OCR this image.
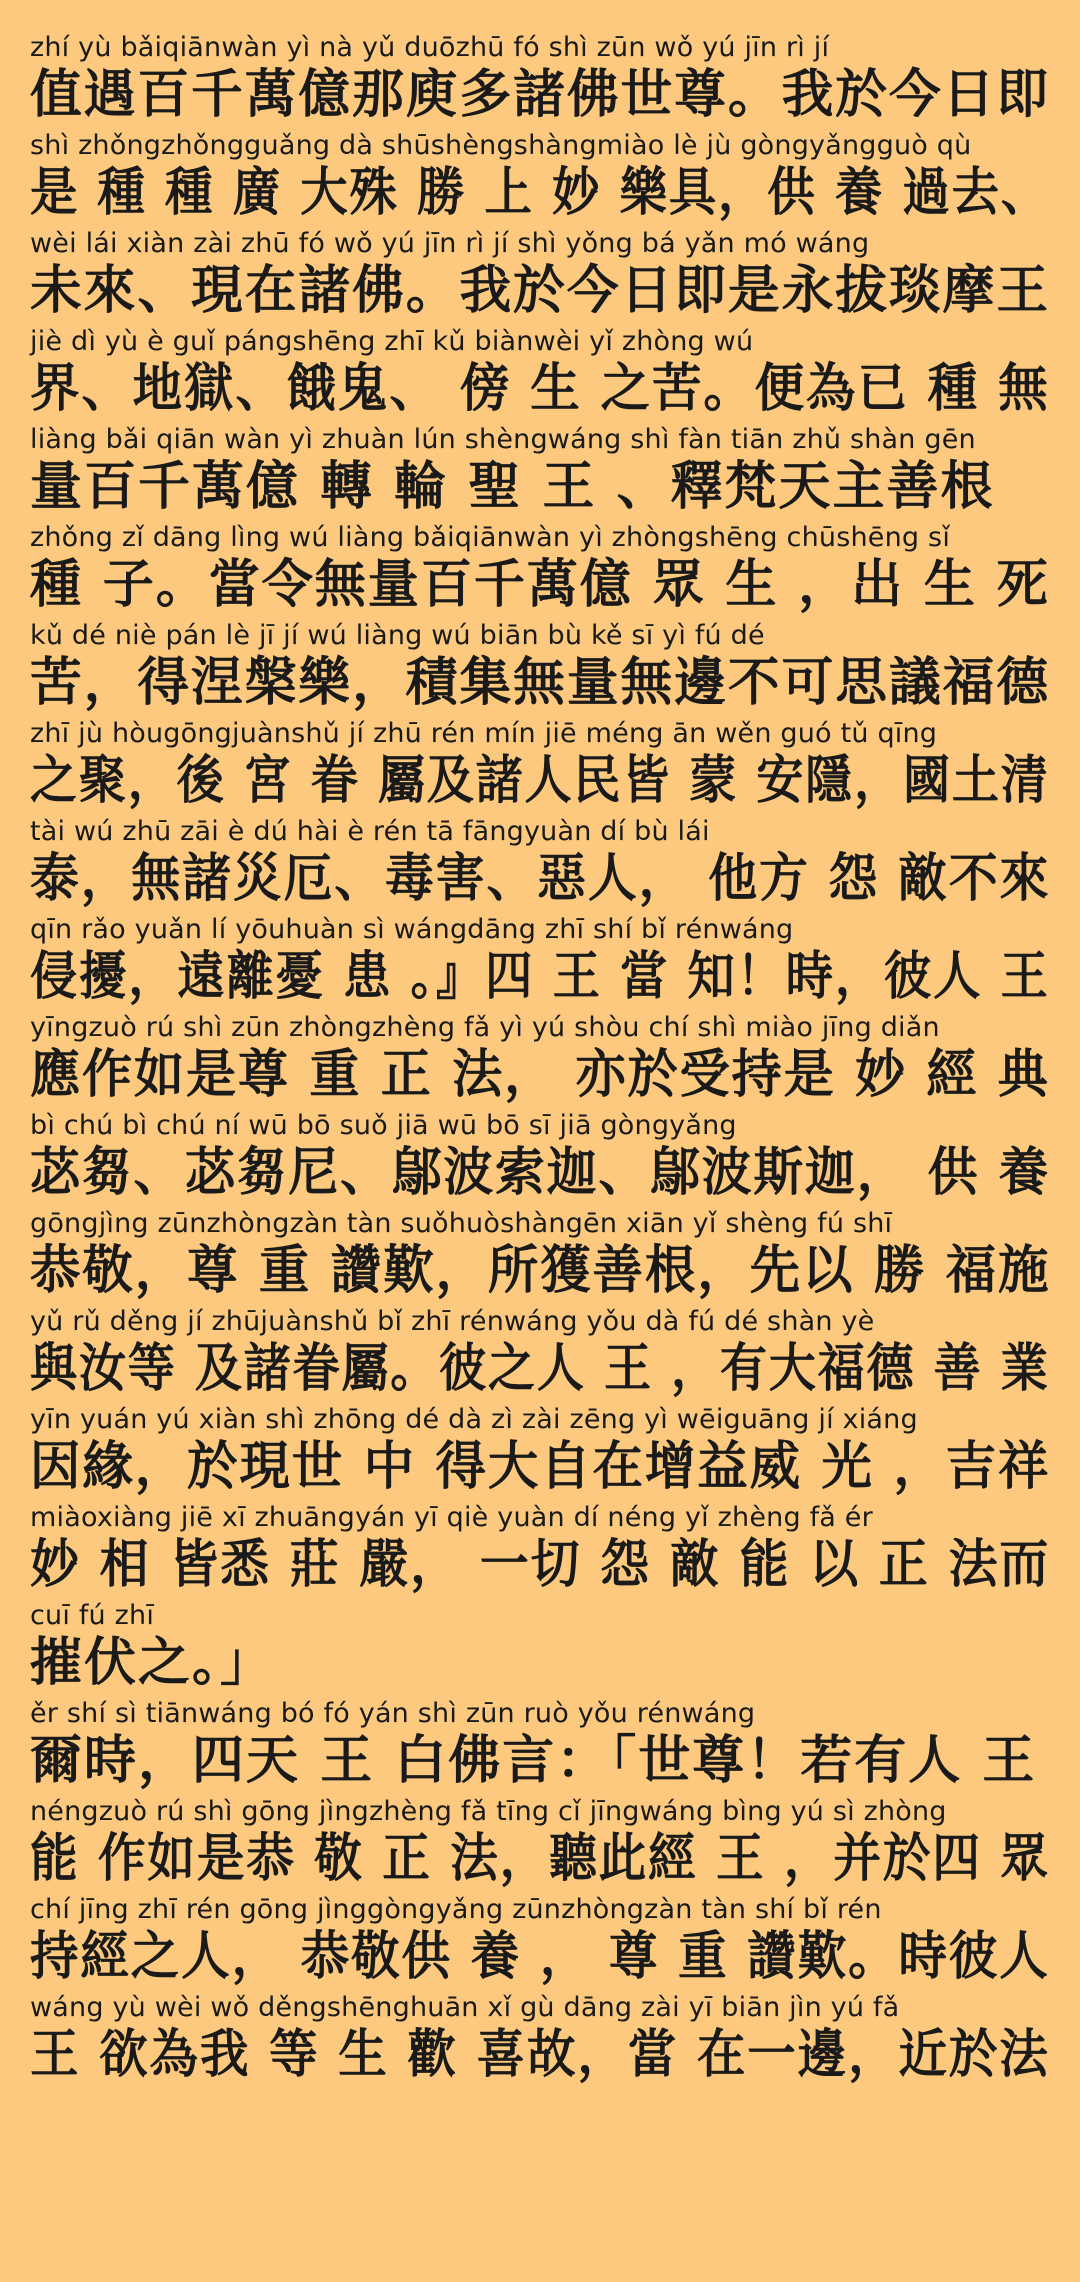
zhí yù bǎiqiānwàn yì nà yǔ duōzhū fó shì zūn wǒ yú jīn rì jí
值遇百千萬億那庾多諸佛世尊。我於今日即
shì zhǒngzhǒngguǎng dà shūshèngshàngmiào lè jù gòngyǎngguò qù
是 種 種 廣 大殊 勝 上 妙 樂具，供 養 過去、
wèi lái xiàn zài zhū fó wǒ yú jīn rì jí shì yǒng bá yǎn mó wáng
未來、現在諸佛。我於今日即是永拔琰摩王
jiè dì yù è guǐ pángshēng zhī kǔ biànwèi yǐ zhòng wú
界、地獄、餓鬼、 傍 生 之苦。便為已 種 無
liàng bǎi qiān wàn yì zhuàn lún shèngwáng shì fàn tiān zhǔ shàn gēn
量百千萬億 轉 輪 聖 王 、釋梵天主善根
zhǒng zǐ dāng lìng wú liàng bǎiqiānwàn yì zhòngshēng chūshēng sǐ
種 子。當令無量百千萬億 眾 生 ，出 生 死
kǔ dé niè pán lè jī jí wú liàng wú biān bù kě sī yì fú dé
苦，得涅槃樂，積集無量無邊不可思議福德
zhī jù hòugōngjuànshǔ jí zhū rén mín jiē méng ān wěn guó tǔ qīng
之聚，後 宮 眷 屬及諸人民皆 蒙 安隱，國土清
tài wú zhū zāi è dú hài è rén tā fāngyuàn dí bù lái
泰，無諸災厄、毒害、惡人， 他方 怨 敵不來
qīn rǎo yuǎn lí yōuhuàn sì wángdāng zhī shí bǐ rénwáng
侵擾，遠離憂 患 。』四 王 當 知！時，彼人 王
yīngzuò rú shì zūn zhòngzhèng fǎ yì yú shòu chí shì miào jīng diǎn
應作如是尊 重 正 法， 亦於受持是 妙 經 典
bì chú bì chú ní wū bō suǒ jiā wū bō sī jiā gòngyǎng
苾芻、苾芻尼、鄔波索迦、鄔波斯迦， 供 養
gōngjìng zūnzhòngzàn tàn suǒhuòshàngēn xiān yǐ shèng fú shī
恭敬，尊 重 讚歎，所獲善根，先以 勝 福施
yǔ rǔ děng jí zhūjuànshǔ bǐ zhī rénwáng yǒu dà fú dé shàn yè
與汝等 及諸眷屬。彼之人 王 ，有大福德 善 業
yīn yuán yú xiàn shì zhōng dé dà zì zài zēng yì wēiguāng jí xiáng
因緣，於現世 中 得大自在增益威 光 ，吉祥
miàoxiàng jiē xī zhuāngyán yī qiè yuàn dí néng yǐ zhèng fǎ ér
妙 相 皆悉 莊 嚴， 一切 怨 敵 能 以 正 法而
cuī fú zhī
摧伏之。」
ěr shí sì tiānwáng bó fó yán shì zūn ruò yǒu rénwáng
爾時，四天 王 白佛言：「世尊！若有人 王
néngzuò rú shì gōng jìngzhèng fǎ tīng cǐ jīngwáng bìng yú sì zhòng
能 作如是恭 敬 正 法，聽此經 王 ，并於四 眾
chí jīng zhī rén gōng jìnggòngyǎng zūnzhòngzàn tàn shí bǐ rén
持經之人， 恭敬供 養 ， 尊 重 讚歎。時彼人
wáng yù wèi wǒ děngshēnghuān xǐ gù dāng zài yī biān jìn yú fǎ
王 欲為我 等 生 歡 喜故，當 在一邊，近於法
